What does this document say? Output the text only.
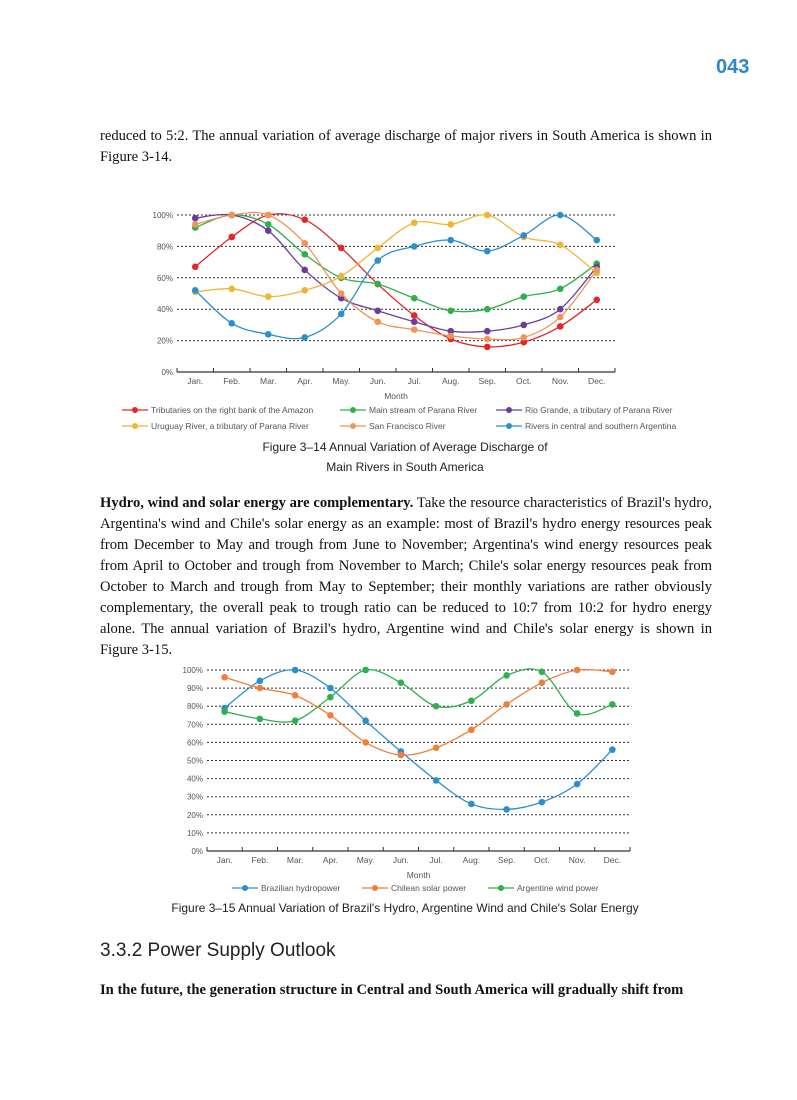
043
reduced to 5:2. The annual variation of average discharge of major rivers in South America is shown in Figure 3-14.
0%
20%
40%
60%
80%
100%
Jan. Feb. Mar. Apr. May. Jun.	Jul. Aug. Sep. Oct. Nov. Dec.
Month
Tributaries on the right bank of the Amazon	Main stream of Parana River	Rio Grande, a tributary of Parana River
Uruguay River, a tributary of Parana River	San Francisco River	Rivers in central and southern Argentina
Figure 3–14 Annual Variation of Average Discharge of
Main Rivers in South America
Hydro, wind and solar energy are complementary. Take the resource characteristics of Brazil's hydro, Argentina's wind and Chile's solar energy as an example: most of Brazil's hydro energy resources peak from December to May and trough from June to November; Argentina's wind energy resources peak from April to October and trough from November to March; Chile's solar energy resources peak from October to March and trough from May to September; their monthly variations are rather obviously complementary, the overall peak to trough ratio can be reduced to 10:7 from 10:2 for hydro energy alone. The annual variation of Brazil's hydro, Argentine wind and Chile's solar energy is shown in Figure 3-15.
0%
10%
20%
30%
40%
50%
60%
70%
80%
90%
100%
Jan. Feb. Mar. Apr. May. Jun. Jul. Aug. Sep. Oct. Nov. Dec.
Month
Brazilian hydropower	Chilean solar power	Argentine wind power
Figure 3–15 Annual Variation of Brazil's Hydro, Argentine Wind and Chile's Solar Energy
3.3.2 Power Supply Outlook
In the future, the generation structure in Central and South America will gradually shift from
